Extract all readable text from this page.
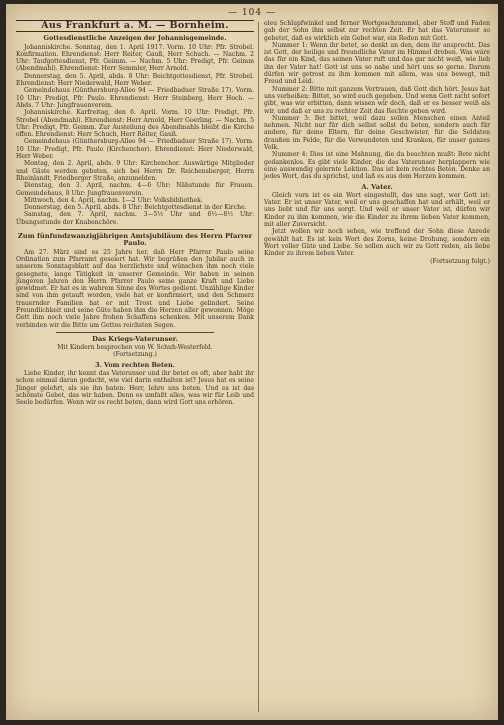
— 104 —
Aus Frankfurt a. M. — Bornheim.
Gottesdienstliche Anzeigen der Johannisgemeinde.

Johanniskirche. Sonntag, den 1. April 1917. Vorm. 10 Uhr: Pfr. Strobel. Konfirmation. Ehrendienst: Herr Reiter, Gauß, Herr Schuch. — Nachm. 2 Uhr: Taufgottesdienst, Pfr. Geimm. — Nachm. 5 Uhr: Predigt, Pfr. Geimm (Abendmahl). Ehrendienst: Herr Semmler, Herr Arnold.

Donnerstag, den 5. April, abds. 8 Uhr: Beichtgottesdienst, Pfr. Strobel. Ehrendienst: Herr Niederwald, Herr Weber.

Gemeindehaus (Günthersburg-Allee 94 — Friedbaduer Straße 17). Vorm. 10 Uhr: Predigt, Pfr. Paulo. Ehrendienst: Herr Steinberg, Herr Hoch. — Abds. 7 Uhr: Jungfrauenverein.

Johanniskirche. Karfreitag, den 6. April. Vorm. 10 Uhr: Predigt, Pfr. Strobel (Abendmahl). Ehrendienst: Herr Arnold, Herr Goerling. — Nachm. 5 Uhr: Predigt, Pfr. Geimm. Zur Austeilung des Abendmahls bleibt die Kirche offen. Ehrendienst: Herr Schuch, Herr Reiter, Gauß.

Gemeindehaus (Günthersburg-Allee 94 — Friedbaduer Straße 17). Vorm. 10 Uhr: Predigt, Pfr. Paulo (Kirchenchor). Ehrendienst: Herr Niederwald, Herr Weber.

Montag, den 2. April, abds. 9 Uhr: Kirchenchor. Auswärtige Mitglieder und Gäste werden gebeten, sich bei Herrn Dr. Reichensberger, Herrn Rheinlandt, Friedberger Straße, anzumelden.

Dienstag, den 3. April, nachm. 4—6 Uhr: Nähstunde für Frauen. Gemeindehaus, 8 Uhr: Jungfrauenverein.

Mittwoch, den 4. April, nachm. 1—2 Uhr: Volksbibliothek.

Donnerstag, den 5. April, abds. 8 Uhr: Beichtgottesdienst in der Kirche.

Samstag, den 7. April, nachm. 3—5½ Uhr und 6½—8½ Uhr: Übungsstunde der Knabenchöre.

Zum fünfundzwanzigjährigen Amtsjubiläum des Herrn Pfarrer Paulo.

Am 27. März sind es 25 Jahre her, daß Herr Pfarrer Paulo seine Ordination zum Pfarramt geseiert hat. Wir begrüßen den Jubilar auch in unserem Sonntagsblatt auf das herzlichste und wünschen ihm noch viele gesegnete, lange Tätigkeit in unserer Gemeinde. Wir haben in seinen jüngeren Jahren den Herrn Pfarrer Paulo seine ganze Kraft und Liebe gewidmet. Er hat es in wahrem Sinne des Wortes gedient. Unzählige Kinder sind von ihm getauft worden, viele hat er konfirmiert, und den Schmerz trauernder Familien hat er mit Trost und Liebe gelindert. Seine Freundlichkeit und seine Güte haben ihm die Herzen aller gewonnen. Möge Gott ihm noch viele Jahre frohen Schaffens schenken. Mit unserem Dank verbinden wir die Bitte um Gottes reichsten Segen.

Das Kriegs-Vaterunser.

Mit Kindern besprochen von W. Schuh-Westerfeld.

(Fortsetzung.)

3. Vom rechten Beten.

Liebe Kinder, ihr kennt das Vaterunser und ihr betet es oft, aber habt ihr schon einmal daran gedacht, wie viel darin enthalten ist? Jesus hat es seine Jünger gelehrt, als sie ihn baten: Herr, lehre uns beten. Und es ist das schönste Gebet, das wir haben. Denn es umfaßt alles, was wir für Leib und Seele bedürfen. Wenn wir es recht beten, dann wird Gott uns erhören.

eleu Schlupfwinkel und ferner Wortgeschrammel, aber Stoff und Faden gab der Sohn ihm selbst zur rechten Zeit. Er hat das Vaterunser so gebetet, daß es wirklich ein Gebet war, ein Reden mit Gott.

Nummer 1: Wenn ihr betet, so denkt an den, dem ihr ansprecht. Das ist Gott, der heilige und freundliche Vater im Himmel droben. Was wäre das für ein Kind, das seinen Vater ruft und das gar nicht weiß, wie lieb ihn der Vater hat! Gott ist uns so nahe und hört uns so gerne. Darum dürfen wir getrost zu ihm kommen mit allem, was uns bewegt, mit Freud und Leid.

Nummer 2: Bitte mit ganzem Vertrauen, daß Gott dich hört. Jesus hat uns verheißen: Bittet, so wird euch gegeben. Und wenn Gott nicht sofort gibt, was wir erbitten, dann wissen wir doch, daß er es besser weiß als wir, und daß er uns zu rechter Zeit das Rechte geben wird.

Nummer 3: Bet bittet, weil dazu sollen Menschen einen Anteil nehmen. Nicht nur für dich selbst sollst du beten, sondern auch für andere, für deine Eltern, für deine Geschwister, für die Soldaten draußen im Felde, für die Verwundeten und Kranken, für unser ganzes Volk.

Nummer 4: Dies ist eine Mahnung, die du beachten mußt: Bete nicht gedankenlos. Es gibt viele Kinder, die das Vaterunser herplappern wie eine auswendig gelernte Lektion. Das ist kein rechtes Beten. Denke an jedes Wort, das du sprichst, und laß es aus dem Herzen kommen.

A. Vater.

Gleich vorn ist es ein Wort eingestellt, das uns sagt, wer Gott ist: Vater. Er ist unser Vater, weil er uns geschaffen hat und erhält, weil er uns liebt und für uns sorgt. Und weil er unser Vater ist, dürfen wir Kinder zu ihm kommen, wie die Kinder zu ihrem lieben Vater kommen, mit aller Zuversicht.

Jetzt wollen wir noch sehen, wie treffend der Sohn diese Anrede gewählt hat. Es ist kein Wort des Zorns, keine Drohung, sondern ein Wort voller Güte und Liebe. So sollen auch wir zu Gott reden, als liebe Kinder zu ihrem lieben Vater.

(Fortsetzung folgt.)
